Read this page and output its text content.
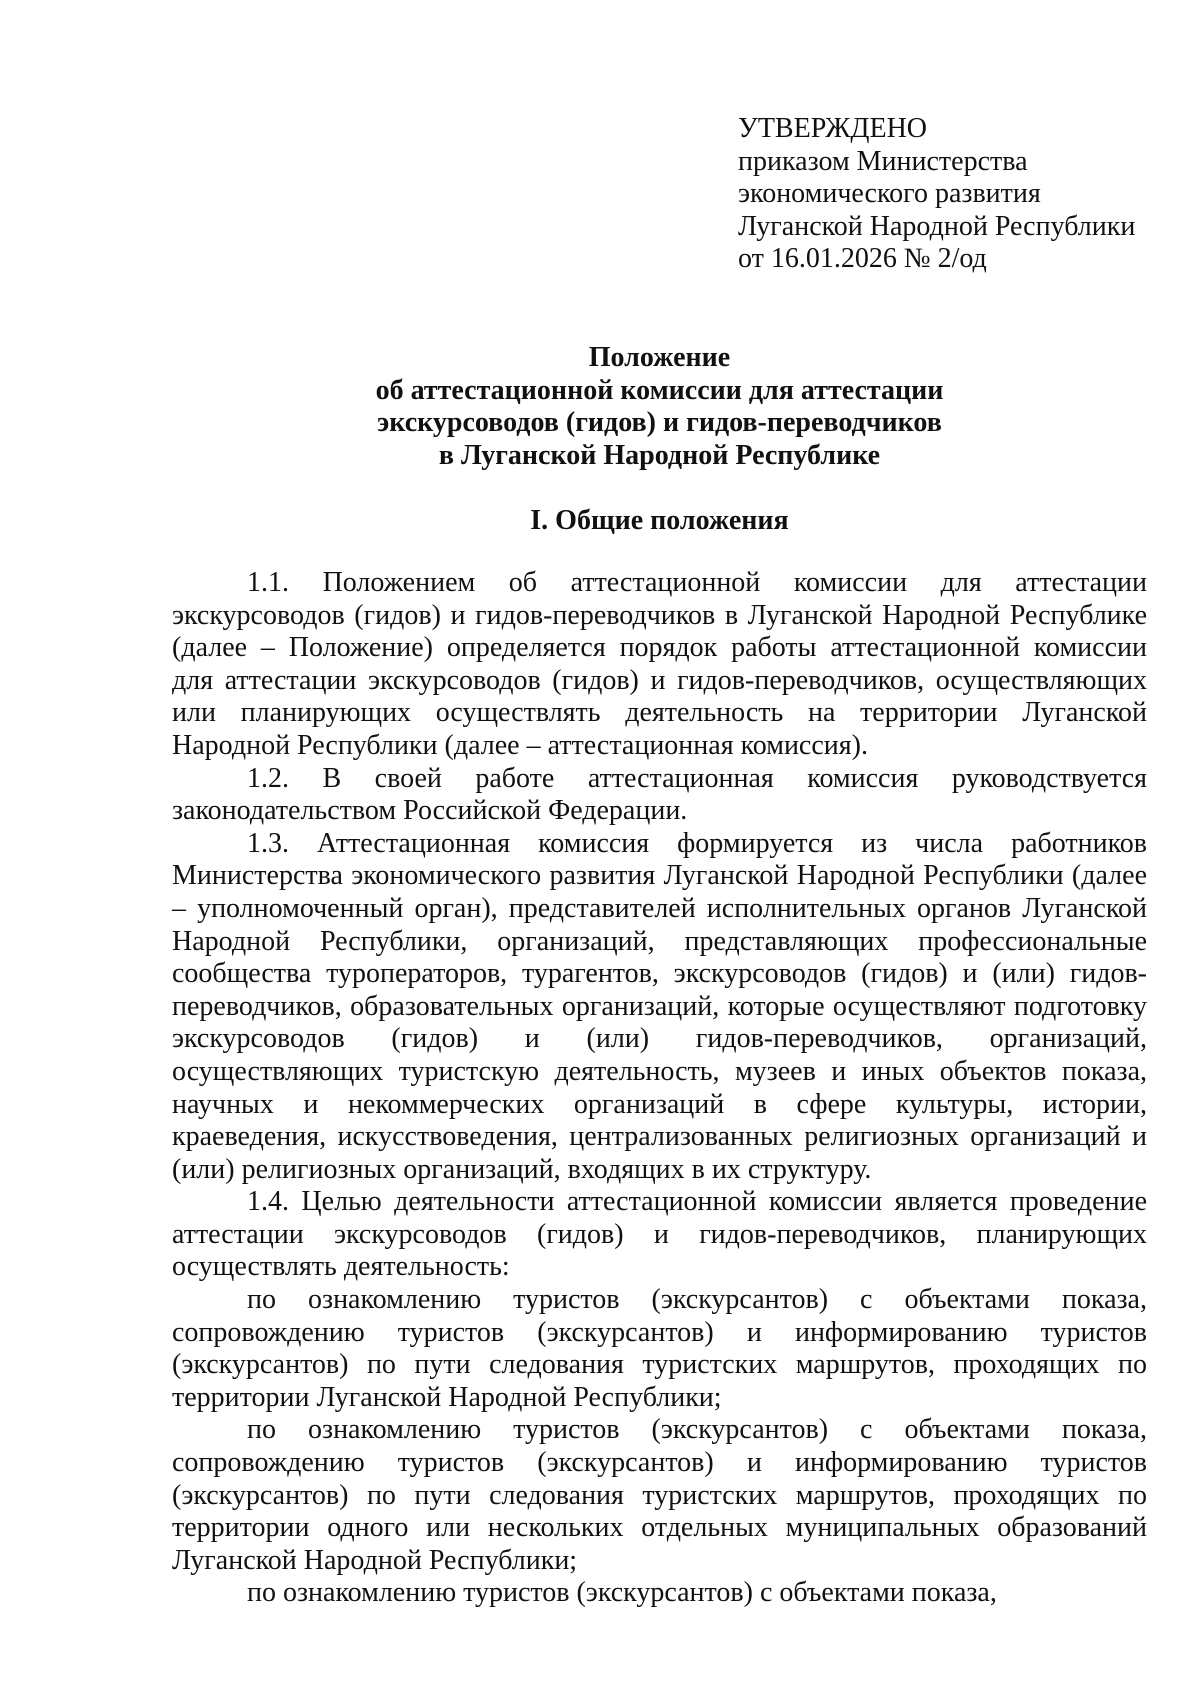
УТВЕРЖДЕНО
приказом Министерства
экономического развития
Луганской Народной Республики
от 16.01.2026 № 2/од
Положение
об аттестационной комиссии для аттестации
экскурсоводов (гидов) и гидов-переводчиков
в Луганской Народной Республике
I. Общие положения

1.1. Положением об аттестационной комиссии для аттестации экскурсоводов (гидов) и гидов-переводчиков в Луганской Народной Республике (далее – Положение) определяется порядок работы аттестационной комиссии для аттестации экскурсоводов (гидов) и гидов-переводчиков, осуществляющих или планирующих осуществлять деятельность на территории Луганской Народной Республики (далее – аттестационная комиссия).

1.2. В своей работе аттестационная комиссия руководствуется законодательством Российской Федерации.

1.3. Аттестационная комиссия формируется из числа работников Министерства экономического развития Луганской Народной Республики (далее – уполномоченный орган), представителей исполнительных органов Луганской Народной Республики, организаций, представляющих профессиональные сообщества туроператоров, турагентов, экскурсоводов (гидов) и (или) гидов-переводчиков, образовательных организаций, которые осуществляют подготовку экскурсоводов (гидов) и (или) гидов-переводчиков, организаций, осуществляющих туристскую деятельность, музеев и иных объектов показа, научных и некоммерческих организаций в сфере культуры, истории, краеведения, искусствоведения, централизованных религиозных организаций и (или) религиозных организаций, входящих в их структуру.

1.4. Целью деятельности аттестационной комиссии является проведение аттестации экскурсоводов (гидов) и гидов-переводчиков, планирующих осуществлять деятельность:

по ознакомлению туристов (экскурсантов) с объектами показа, сопровождению туристов (экскурсантов) и информированию туристов (экскурсантов) по пути следования туристских маршрутов, проходящих по территории Луганской Народной Республики;

по ознакомлению туристов (экскурсантов) с объектами показа, сопровождению туристов (экскурсантов) и информированию туристов (экскурсантов) по пути следования туристских маршрутов, проходящих по территории одного или нескольких отдельных муниципальных образований Луганской Народной Республики;

по ознакомлению туристов (экскурсантов) с объектами показа,
